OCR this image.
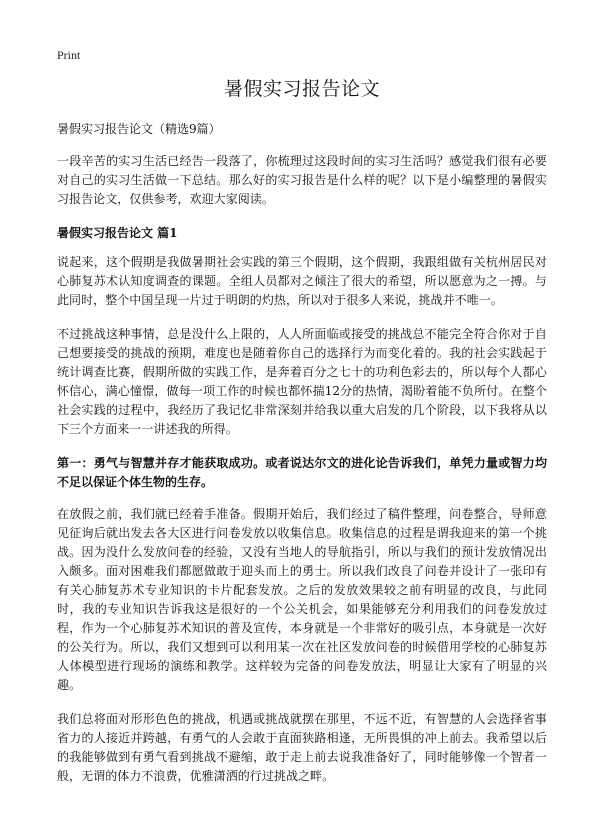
Print
暑假实习报告论文
暑假实习报告论文（精选9篇）

一段辛苦的实习生活已经告一段落了，你梳理过这段时间的实习生活吗？感觉我们很有必要对自己的实习生活做一下总结。那么好的实习报告是什么样的呢？以下是小编整理的暑假实习报告论文，仅供参考，欢迎大家阅读。

暑假实习报告论文 篇1

说起来，这个假期是我做暑期社会实践的第三个假期，这个假期，我跟组做有关杭州居民对心肺复苏术认知度调查的课题。全组人员都对之倾注了很大的希望，所以愿意为之一搏。与此同时，整个中国呈现一片过于明朗的灼热，所以对于很多人来说，挑战并不唯一。

不过挑战这种事情，总是没什么上限的，人人所面临或接受的挑战总不能完全符合你对于自己想要接受的挑战的预期，难度也是随着你自己的选择行为而变化着的。我的社会实践起于统计调查比赛，假期所做的实践工作，是奔着百分之七十的功利色彩去的，所以每个人都心怀信心，满心憧憬，做每一项工作的时候也都怀揣12分的热情，渴盼着能不负所付。在整个社会实践的过程中，我经历了我记忆非常深刻并给我以重大启发的几个阶段，以下我将从以下三个方面来一一讲述我的所得。

第一：勇气与智慧并存才能获取成功。或者说达尔文的进化论告诉我们，单凭力量或智力均不足以保证个体生物的生存。

在放假之前，我们就已经着手准备。假期开始后，我们经过了稿件整理，问卷整合，导师意见征询后就出发去各大区进行问卷发放以收集信息。收集信息的过程是谓我迎来的第一个挑战。因为没什么发放问卷的经验，又没有当地人的导航指引，所以与我们的预计发放情况出入颇多。面对困难我们都愿做敢于迎头而上的勇士。所以我们改良了问卷并设计了一张印有有关心肺复苏术专业知识的卡片配套发放。之后的发放效果较之前有明显的改良，与此同时，我的专业知识告诉我这是很好的一个公关机会，如果能够充分利用我们的问卷发放过程，作为一个心肺复苏术知识的普及宣传，本身就是一个非常好的吸引点，本身就是一次好的公关行为。所以，我们又想到可以利用某一次在社区发放问卷的时候借用学校的心肺复苏人体模型进行现场的演练和教学。这样较为完备的问卷发放法，明显让大家有了明显的兴趣。

我们总将面对形形色色的挑战，机遇或挑战就摆在那里，不远不近，有智慧的人会选择省事省力的人接近并跨越，有勇气的人会敢于直面狭路相逢，无所畏惧的冲上前去。我希望以后的我能够做到有勇气看到挑战不避缩，敢于走上前去说我准备好了，同时能够像一个智者一般，无谓的体力不浪费，优雅潇洒的行过挑战之畔。
